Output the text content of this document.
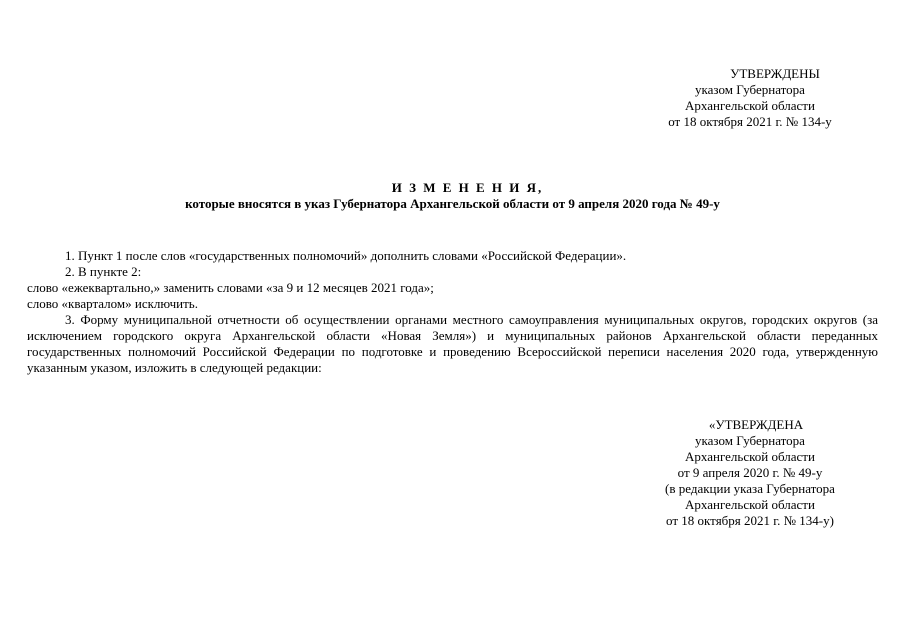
УТВЕРЖДЕНЫ
указом Губернатора
Архангельской области
от 18 октября 2021 г. № 134-у
И З М Е Н Е Н И Я,
которые вносятся в указ Губернатора Архангельской области от 9 апреля 2020 года № 49-у
1. Пункт 1 после слов «государственных полномочий» дополнить словами «Российской Федерации».
2. В пункте 2:
слово «ежеквартально,» заменить словами «за 9 и 12 месяцев 2021 года»;
слово «кварталом» исключить.
3. Форму муниципальной отчетности об осуществлении органами местного самоуправления муниципальных округов, городских округов (за исключением городского округа Архангельской области «Новая Земля») и муниципальных районов Архангельской области переданных государственных полномочий Российской Федерации по подготовке и проведению Всероссийской переписи населения 2020 года, утвержденную указанным указом, изложить в следующей редакции:
«УТВЕРЖДЕНА
указом Губернатора
Архангельской области
от 9 апреля 2020 г. № 49-у
(в редакции указа Губернатора
Архангельской области
от 18 октября 2021 г. № 134-у)
